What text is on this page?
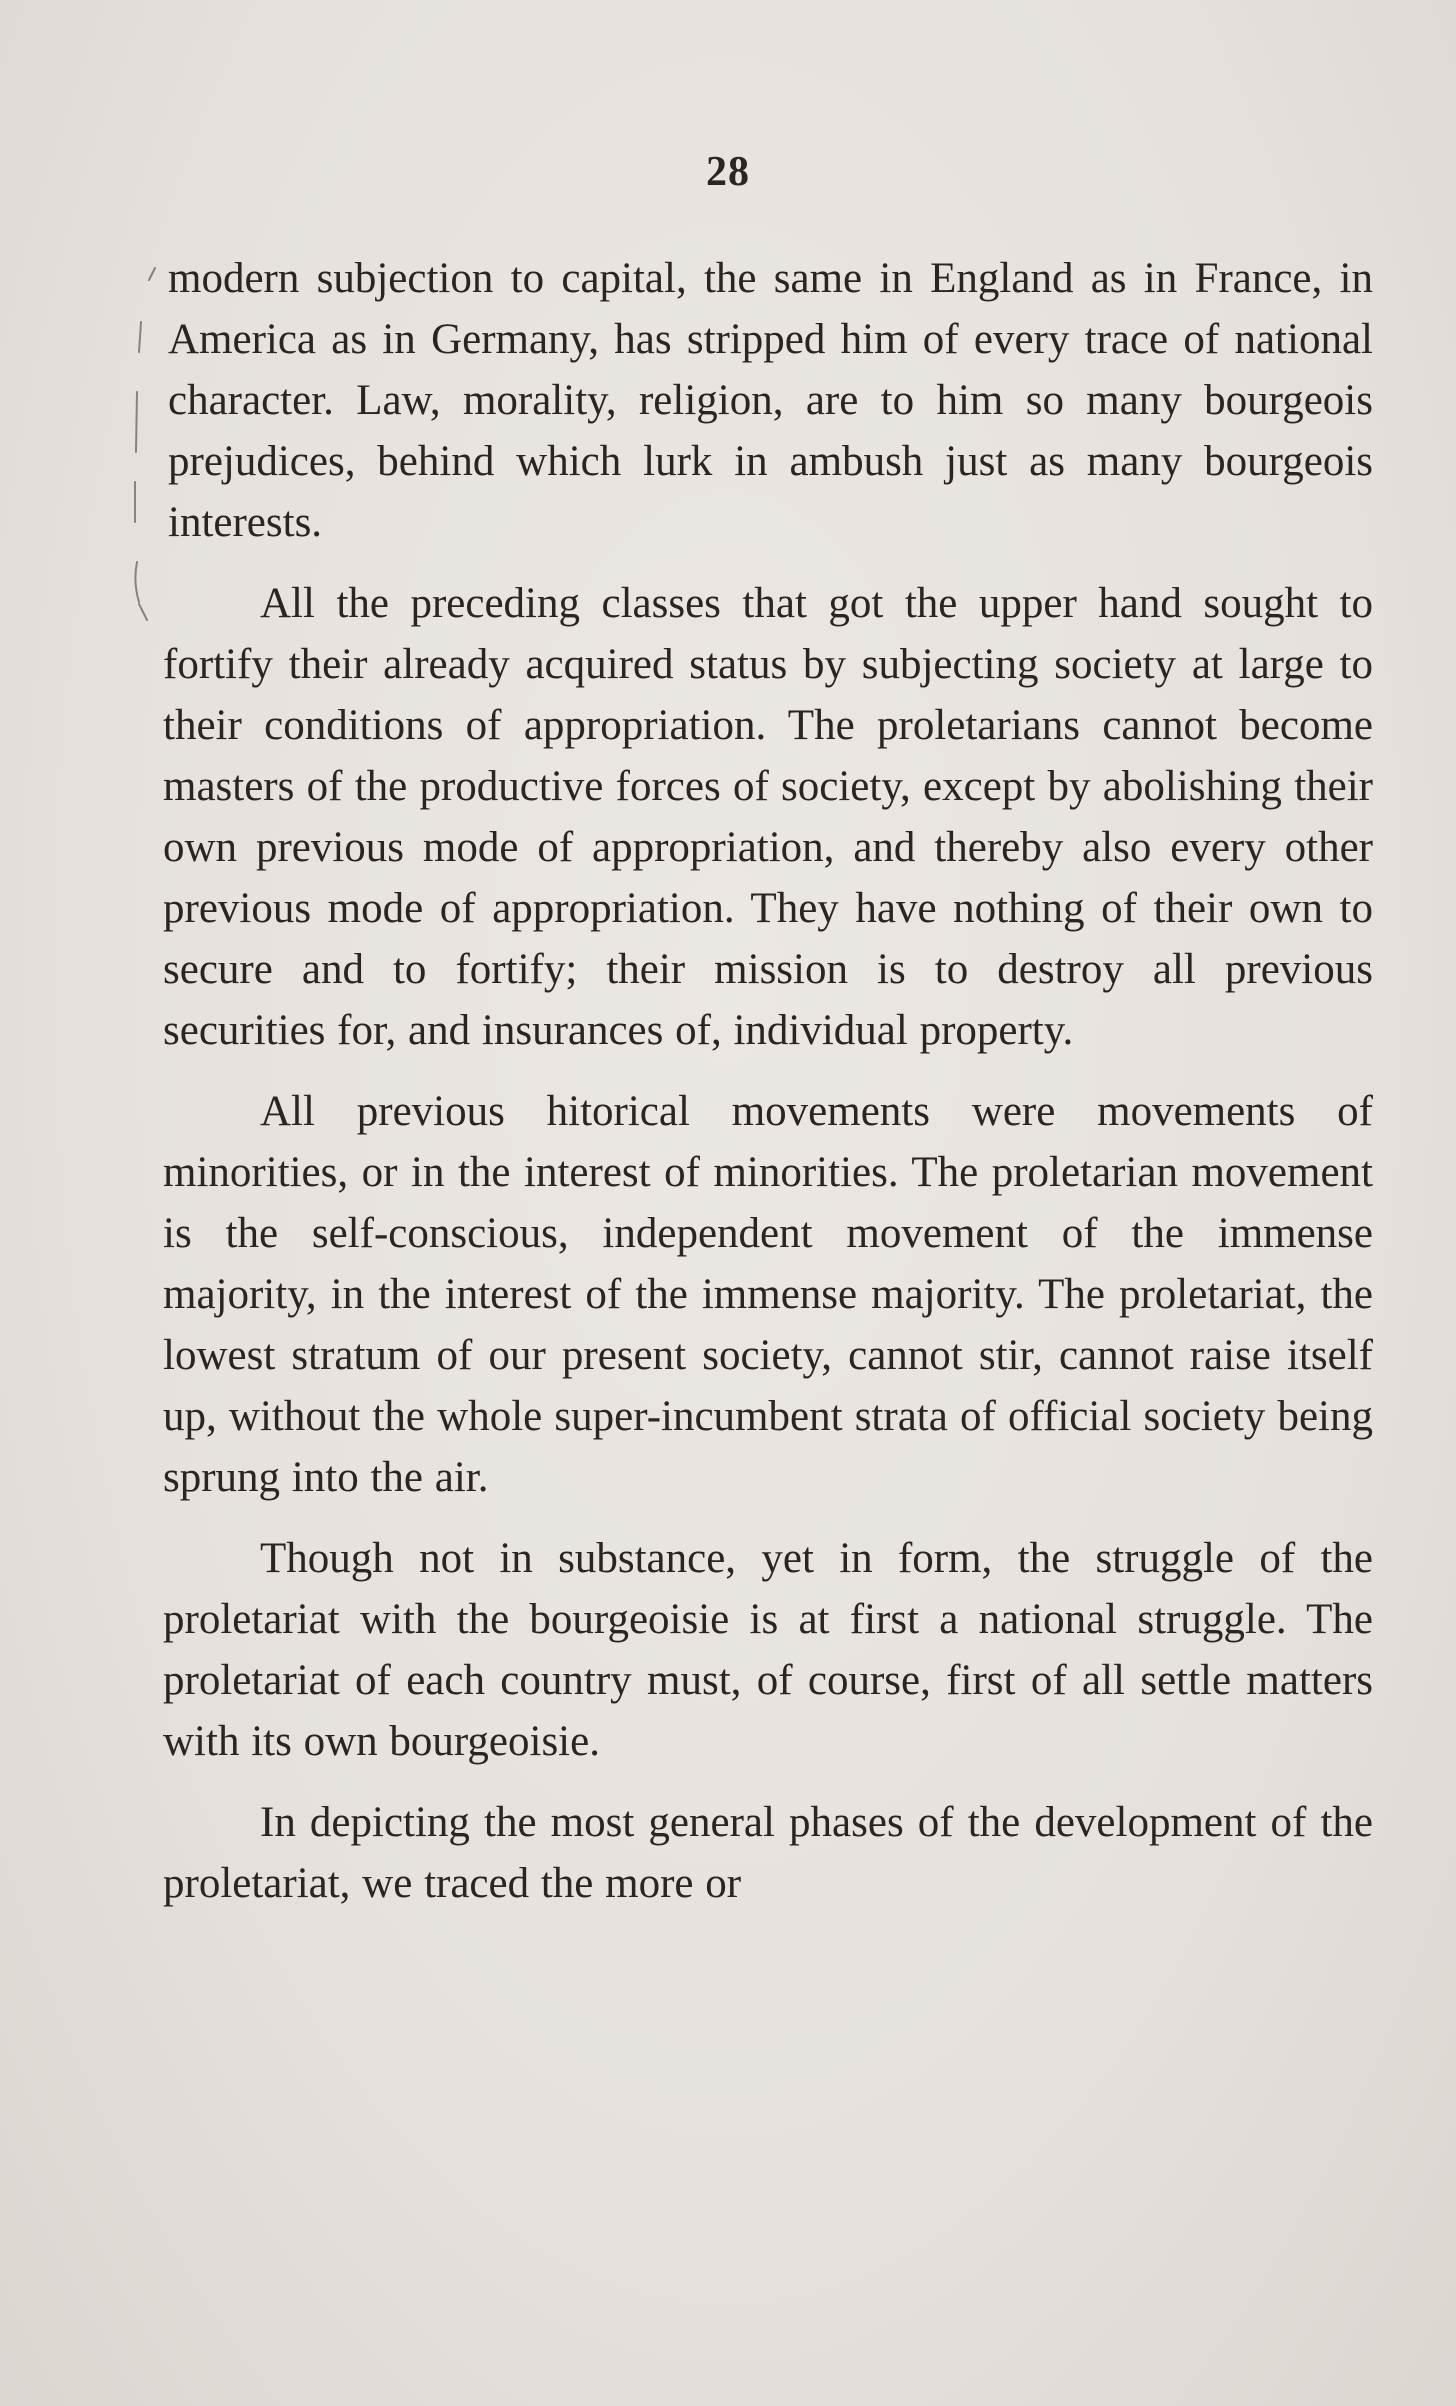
28

modern subjection to capital, the same in England as in France, in America as in Germany, has stripped him of every trace of national character. Law, morality, religion, are to him so many bourgeois prejudices, behind which lurk in ambush just as many bourgeois interests.

All the preceding classes that got the upper hand sought to fortify their already acquired status by subjecting society at large to their conditions of appropriation. The proletarians cannot become masters of the productive forces of society, except by abolishing their own previous mode of appropriation, and thereby also every other previous mode of appropriation. They have nothing of their own to secure and to fortify; their mission is to destroy all previous securities for, and insurances of, individual property.

All previous hitorical movements were movements of minorities, or in the interest of minorities. The proletarian movement is the self-conscious, independent movement of the immense majority, in the interest of the immense majority. The proletariat, the lowest stratum of our present society, cannot stir, cannot raise itself up, without the whole super-incumbent strata of official society being sprung into the air.

Though not in substance, yet in form, the struggle of the proletariat with the bourgeoisie is at first a national struggle. The proletariat of each country must, of course, first of all settle matters with its own bourgeoisie.

In depicting the most general phases of the development of the proletariat, we traced the more or
